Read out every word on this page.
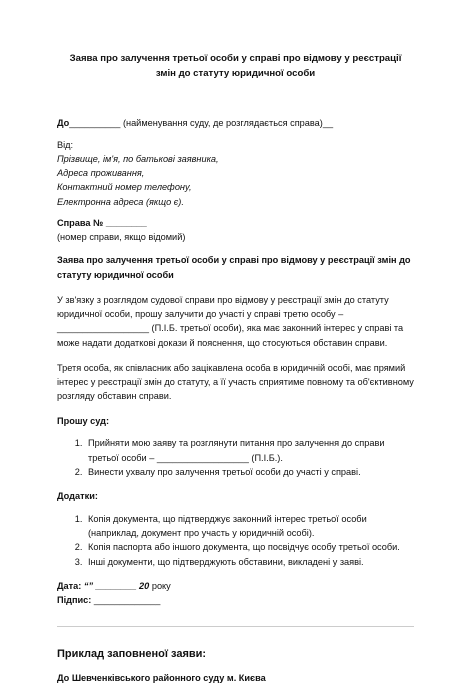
Заява про залучення третьої особи у справі про відмову у реєстрації змін до статуту юридичної особи
До__________ (найменування суду, де розглядається справа)__
Від:
Прізвище, ім'я, по батькові заявника,
Адреса проживання,
Контактний номер телефону,
Електронна адреса (якщо є).
Справа № ________
(номер справи, якщо відомий)
Заява про залучення третьої особи у справі про відмову у реєстрації змін до статуту юридичної особи
У зв'язку з розглядом судової справи про відмову у реєстрації змін до статуту юридичної особи, прошу залучити до участі у справі третю особу – __________________ (П.І.Б. третьої особи), яка має законний інтерес у справі та може надати додаткові докази й пояснення, що стосуються обставин справи.
Третя особа, як співласник або зацікавлена особа в юридичній особі, має прямий інтерес у реєстрації змін до статуту, а її участь сприятиме повному та об'єктивному розгляду обставин справи.
Прошу суд:
1. Прийняти мою заяву та розглянути питання про залучення до справи третьої особи – __________________ (П.І.Б.).
2. Винести ухвалу про залучення третьої особи до участі у справі.
Додатки:
1. Копія документа, що підтверджує законний інтерес третьої особи (наприклад, документ про участь у юридичній особі).
2. Копія паспорта або іншого документа, що посвідчує особу третьої особи.
3. Інші документи, що підтверджують обставини, викладені у заяві.
Дата: “” ________ 20 року
Підпис: _____________
Приклад заповненої заяви:
До Шевченківського районного суду м. Києва
